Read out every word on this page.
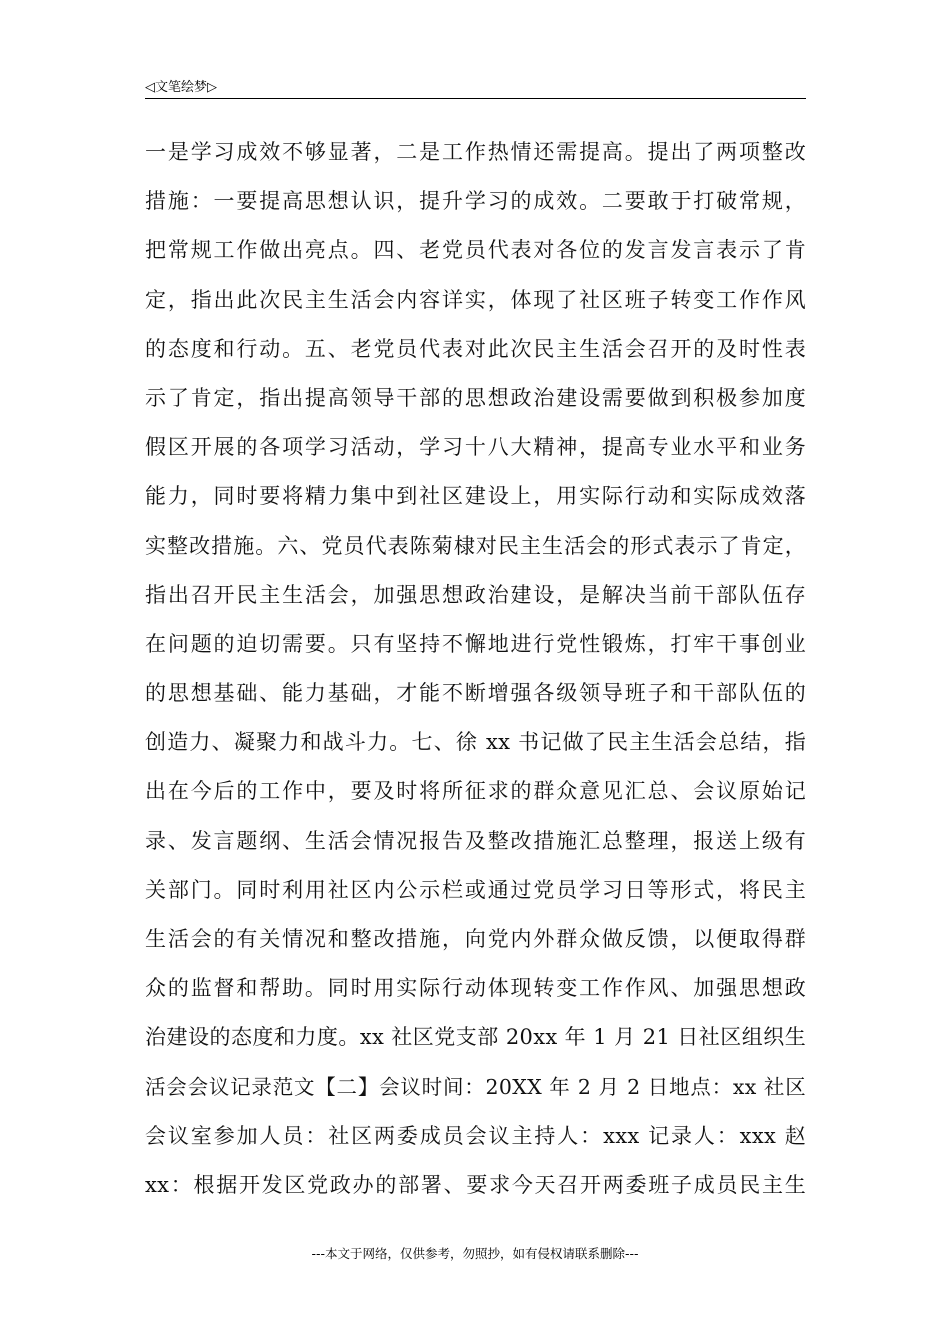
◁文笔绘梦▷
一是学习成效不够显著，二是工作热情还需提高。提出了两项整改
措施：一要提高思想认识，提升学习的成效。二要敢于打破常规，
把常规工作做出亮点。四、老党员代表对各位的发言发言表示了肯
定，指出此次民主生活会内容详实，体现了社区班子转变工作作风
的态度和行动。五、老党员代表对此次民主生活会召开的及时性表
示了肯定，指出提高领导干部的思想政治建设需要做到积极参加度
假区开展的各项学习活动，学习十八大精神，提高专业水平和业务
能力，同时要将精力集中到社区建设上，用实际行动和实际成效落
实整改措施。六、党员代表陈菊棣对民主生活会的形式表示了肯定，
指出召开民主生活会，加强思想政治建设，是解决当前干部队伍存
在问题的迫切需要。只有坚持不懈地进行党性锻炼，打牢干事创业
的思想基础、能力基础，才能不断增强各级领导班子和干部队伍的
创造力、凝聚力和战斗力。七、徐 xx 书记做了民主生活会总结，指
出在今后的工作中，要及时将所征求的群众意见汇总、会议原始记
录、发言题纲、生活会情况报告及整改措施汇总整理，报送上级有
关部门。同时利用社区内公示栏或通过党员学习日等形式，将民主
生活会的有关情况和整改措施，向党内外群众做反馈，以便取得群
众的监督和帮助。同时用实际行动体现转变工作作风、加强思想政
治建设的态度和力度。xx 社区党支部 20xx 年 1 月 21 日社区组织生
活会会议记录范文【二】会议时间：20XX 年 2 月 2 日地点：xx 社区
会议室参加人员：社区两委成员会议主持人：xxx 记录人：xxx 赵
xx：根据开发区党政办的部署、要求今天召开两委班子成员民主生
---本文于网络，仅供参考，勿照抄，如有侵权请联系删除---
